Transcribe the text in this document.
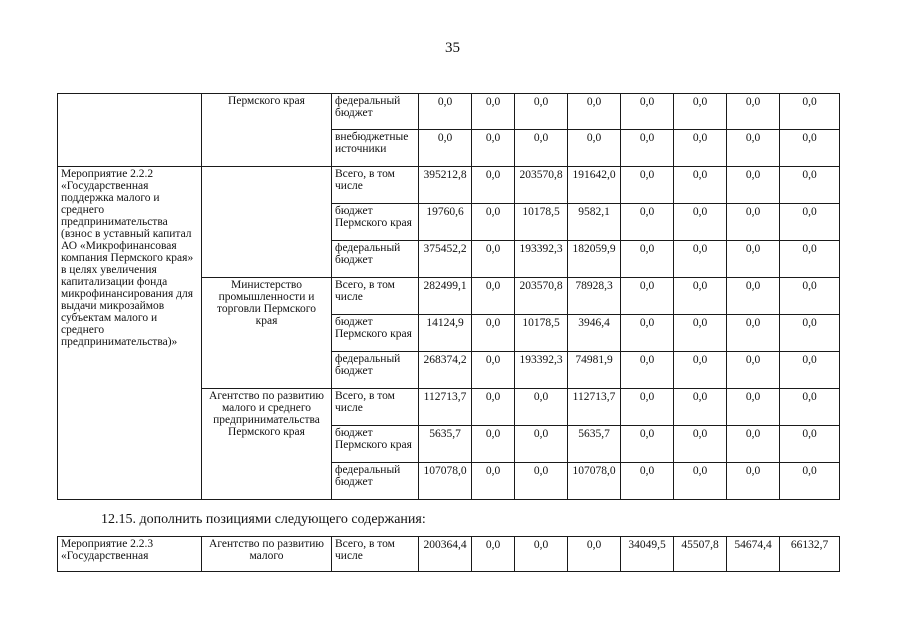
35
	Пермского края	федеральный бюджет	0,0	0,0	0,0	0,0	0,0	0,0	0,0	0,0
		внебюджетные источники	0,0	0,0	0,0	0,0	0,0	0,0	0,0	0,0
Мероприятие 2.2.2 «Государственная поддержка малого и среднего предпринимательства (взнос в уставный капитал АО «Микрофинансовая компания Пермского края» в целях увеличения капитализации фонда микрофинансирования для выдачи микрозаймов субъектам малого и среднего предпринимательства)»		Всего, в том числе	395212,8	0,0	203570,8	191642,0	0,0	0,0	0,0	0,0
		бюджет Пермского края	19760,6	0,0	10178,5	9582,1	0,0	0,0	0,0	0,0
		федеральный бюджет	375452,2	0,0	193392,3	182059,9	0,0	0,0	0,0	0,0
	Министерство промышленности и торговли Пермского края	Всего, в том числе	282499,1	0,0	203570,8	78928,3	0,0	0,0	0,0	0,0
		бюджет Пермского края	14124,9	0,0	10178,5	3946,4	0,0	0,0	0,0	0,0
		федеральный бюджет	268374,2	0,0	193392,3	74981,9	0,0	0,0	0,0	0,0
	Агентство по развитию малого и среднего предпринимательства Пермского края	Всего, в том числе	112713,7	0,0	0,0	112713,7	0,0	0,0	0,0	0,0
		бюджет Пермского края	5635,7	0,0	0,0	5635,7	0,0	0,0	0,0	0,0
		федеральный бюджет	107078,0	0,0	0,0	107078,0	0,0	0,0	0,0	0,0
12.15. дополнить позициями следующего содержания:
Мероприятие 2.2.3 «Государственная	Агентство по развитию малого	Всего, в том числе	200364,4	0,0	0,0	0,0	34049,5	45507,8	54674,4	66132,7
